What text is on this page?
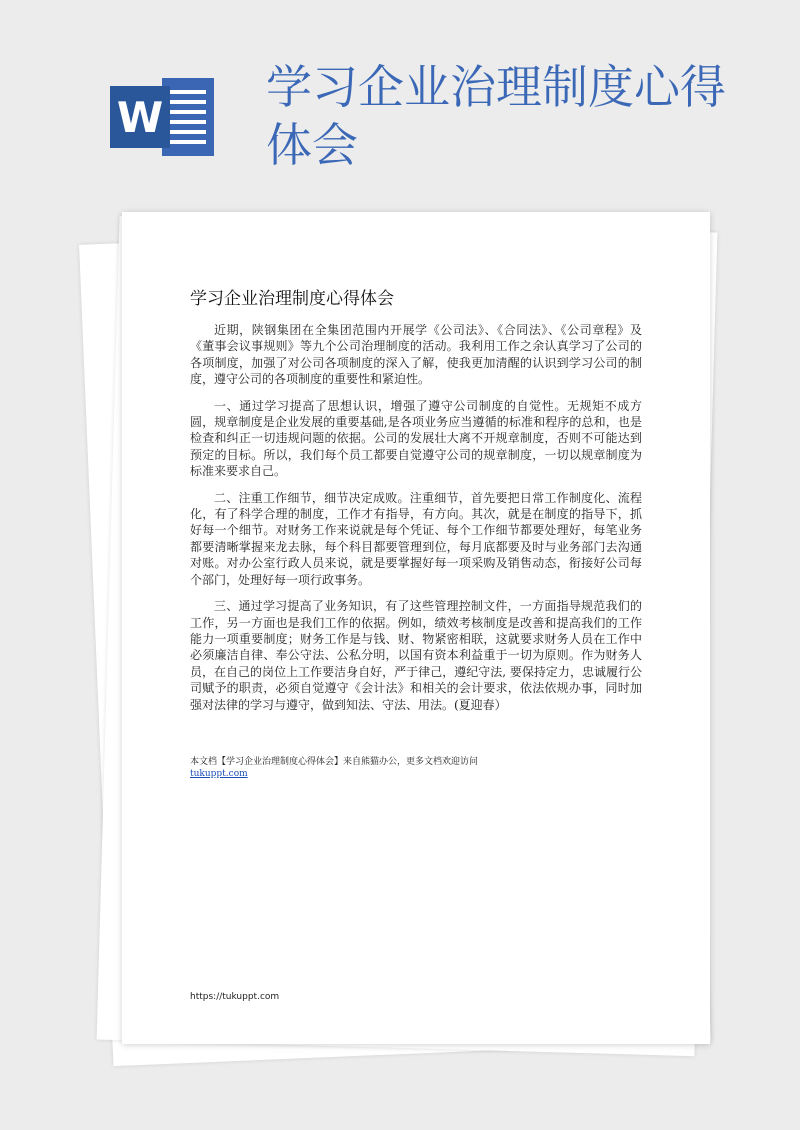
W
学习企业治理制度心得体会
学习企业治理制度心得体会

近期，陕钢集团在全集团范围内开展学《公司法》、《合同法》、《公司章程》及《董事会议事规则》等九个公司治理制度的活动。我利用工作之余认真学习了公司的各项制度，加强了对公司各项制度的深入了解，使我更加清醒的认识到学习公司的制度，遵守公司的各项制度的重要性和紧迫性。

一、通过学习提高了思想认识，增强了遵守公司制度的自觉性。无规矩不成方圆，规章制度是企业发展的重要基础,是各项业务应当遵循的标准和程序的总和，也是检查和纠正一切违规问题的依据。公司的发展壮大离不开规章制度，否则不可能达到预定的目标。所以，我们每个员工都要自觉遵守公司的规章制度，一切以规章制度为标准来要求自己。

二、注重工作细节，细节决定成败。注重细节，首先要把日常工作制度化、流程化，有了科学合理的制度，工作才有指导，有方向。其次，就是在制度的指导下，抓好每一个细节。对财务工作来说就是每个凭证、每个工作细节都要处理好，每笔业务都要清晰掌握来龙去脉，每个科目都要管理到位，每月底都要及时与业务部门去沟通对账。对办公室行政人员来说，就是要掌握好每一项采购及销售动态，衔接好公司每个部门，处理好每一项行政事务。

三、通过学习提高了业务知识，有了这些管理控制文件，一方面指导规范我们的工作，另一方面也是我们工作的依据。例如，绩效考核制度是改善和提高我们的工作能力一项重要制度；财务工作是与钱、财、物紧密相联，这就要求财务人员在工作中必须廉洁自律、奉公守法、公私分明，以国有资本利益重于一切为原则。作为财务人员，在自己的岗位上工作要洁身自好，严于律己，遵纪守法, 要保持定力，忠诚履行公司赋予的职责，必须自觉遵守《会计法》和相关的会计要求，依法依规办事，同时加强对法律的学习与遵守，做到知法、守法、用法。(夏迎春）

本文档【学习企业治理制度心得体会】来自熊猫办公，更多文档欢迎访问
tukuppt.com
https://tukuppt.com
